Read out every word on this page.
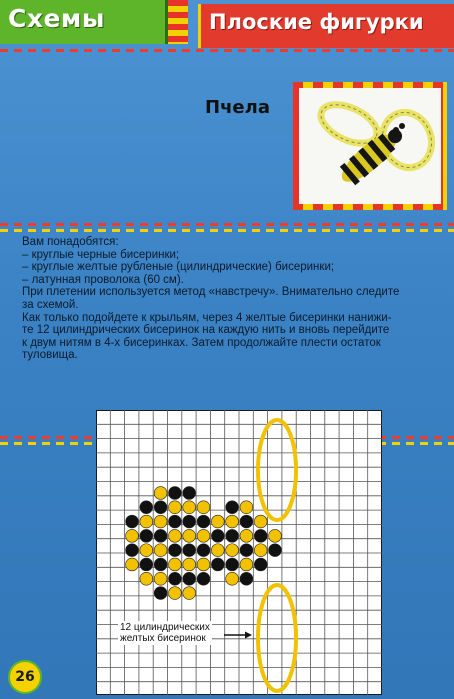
Схемы	Плоские фигурки
Пчела
Вам понадобятся:
– круглые черные бисеринки;
– круглые желтые рубленые (цилиндрические) бисеринки;
– латунная проволока (60 см).
При плетении используется метод «навстречу». Внимательно следите
за схемой.
Как только подойдете к крыльям, через 4 желтые бисеринки нанижи-
те 12 цилиндрических бисеринок на каждую нить и вновь перейдите
к двум нитям в 4-х бисеринках. Затем продолжайте плести остаток
туловища.
12 цилиндрических
желтых бисеринок
26
